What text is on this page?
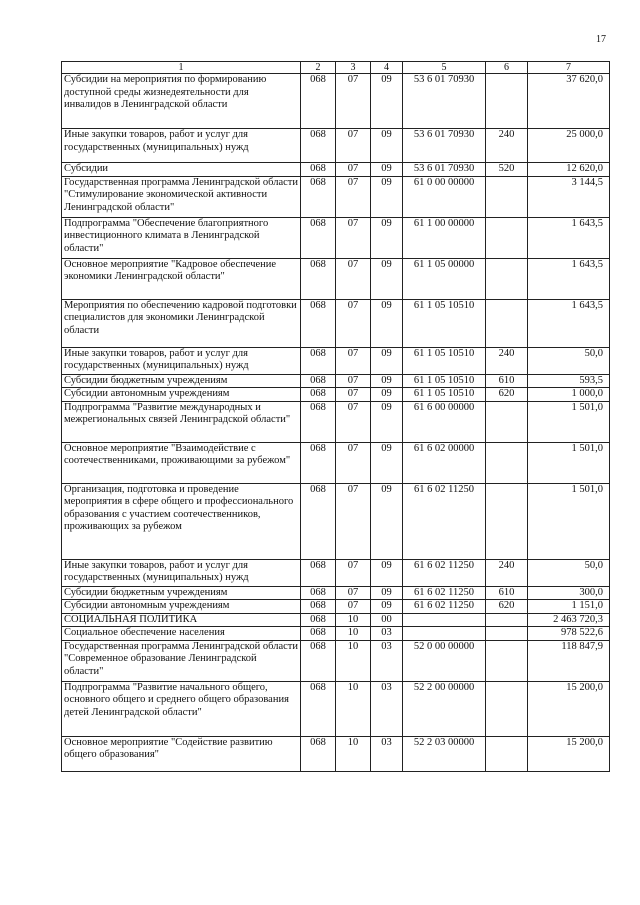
17
1	2	3	4	5	6	7
Субсидии на мероприятия по формированию доступной среды жизнедеятельности для инвалидов в Ленинградской области	068	07	09	53 6 01 70930		37 620,0
Иные закупки товаров, работ и услуг для государственных (муниципальных) нужд	068	07	09	53 6 01 70930	240	25 000,0
Субсидии	068	07	09	53 6 01 70930	520	12 620,0
Государственная программа Ленинградской области "Стимулирование экономической активности Ленинградской области"	068	07	09	61 0 00 00000		3 144,5
Подпрограмма "Обеспечение благоприятного инвестиционного климата в Ленинградской области"	068	07	09	61 1 00 00000		1 643,5
Основное мероприятие "Кадровое обеспечение экономики Ленинградской области"	068	07	09	61 1 05 00000		1 643,5
Мероприятия по обеспечению кадровой подготовки специалистов для экономики Ленинградской области	068	07	09	61 1 05 10510		1 643,5
Иные закупки товаров, работ и услуг для государственных (муниципальных) нужд	068	07	09	61 1 05 10510	240	50,0
Субсидии бюджетным учреждениям	068	07	09	61 1 05 10510	610	593,5
Субсидии автономным учреждениям	068	07	09	61 1 05 10510	620	1 000,0
Подпрограмма "Развитие международных и межрегиональных связей Ленинградской области"	068	07	09	61 6 00 00000		1 501,0
Основное мероприятие "Взаимодействие с соотечественниками, проживающими за рубежом"	068	07	09	61 6 02 00000		1 501,0
Организация, подготовка и проведение мероприятия в сфере общего и профессионального образования с участием соотечественников, проживающих за рубежом	068	07	09	61 6 02 11250		1 501,0
Иные закупки товаров, работ и услуг для государственных (муниципальных) нужд	068	07	09	61 6 02 11250	240	50,0
Субсидии бюджетным учреждениям	068	07	09	61 6 02 11250	610	300,0
Субсидии автономным учреждениям	068	07	09	61 6 02 11250	620	1 151,0
СОЦИАЛЬНАЯ ПОЛИТИКА	068	10	00			2 463 720,3
Социальное обеспечение населения	068	10	03			978 522,6
Государственная программа Ленинградской области "Современное образование Ленинградской области"	068	10	03	52 0 00 00000		118 847,9
Подпрограмма "Развитие начального общего, основного общего и среднего общего образования детей Ленинградской области"	068	10	03	52 2 00 00000		15 200,0
Основное мероприятие "Содействие развитию общего образования"	068	10	03	52 2 03 00000		15 200,0
